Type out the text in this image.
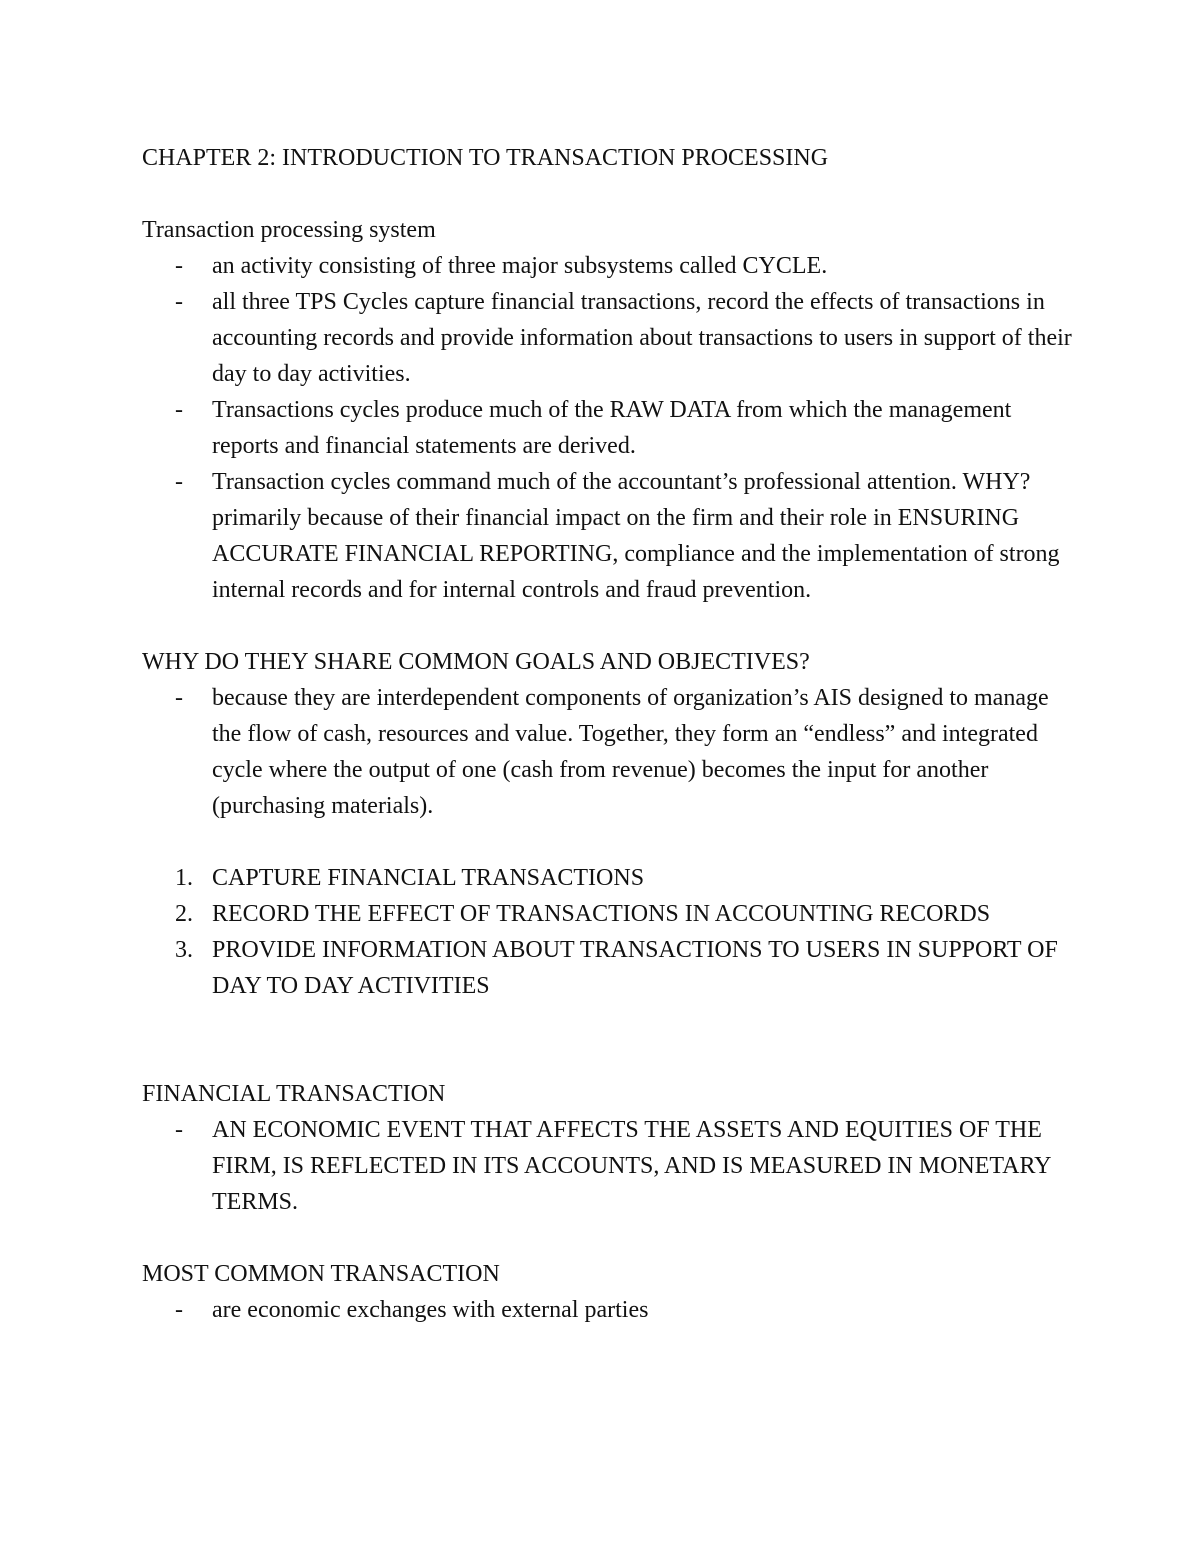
CHAPTER 2: INTRODUCTION TO TRANSACTION PROCESSING

Transaction processing system

- an activity consisting of three major subsystems called CYCLE.
- all three TPS Cycles capture financial transactions, record the effects of transactions in accounting records and provide information about transactions to users in support of their day to day activities.
- Transactions cycles produce much of the RAW DATA from which the management reports and financial statements are derived.
- Transaction cycles command much of the accountant’s professional attention. WHY? primarily because of their financial impact on the firm and their role in ENSURING ACCURATE FINANCIAL REPORTING, compliance and the implementation of strong internal records and for internal controls and fraud prevention.

WHY DO THEY SHARE COMMON GOALS AND OBJECTIVES?

- because they are interdependent components of organization’s AIS designed to manage the flow of cash, resources and value. Together, they form an “endless” and integrated cycle where the output of one (cash from revenue) becomes the input for another (purchasing materials).
1. CAPTURE FINANCIAL TRANSACTIONS
2. RECORD THE EFFECT OF TRANSACTIONS IN ACCOUNTING RECORDS
3. PROVIDE INFORMATION ABOUT TRANSACTIONS TO USERS IN SUPPORT OF DAY TO DAY ACTIVITIES

FINANCIAL TRANSACTION

- AN ECONOMIC EVENT THAT AFFECTS THE ASSETS AND EQUITIES OF THE FIRM, IS REFLECTED IN ITS ACCOUNTS, AND IS MEASURED IN MONETARY TERMS.

MOST COMMON TRANSACTION

- are economic exchanges with external parties
